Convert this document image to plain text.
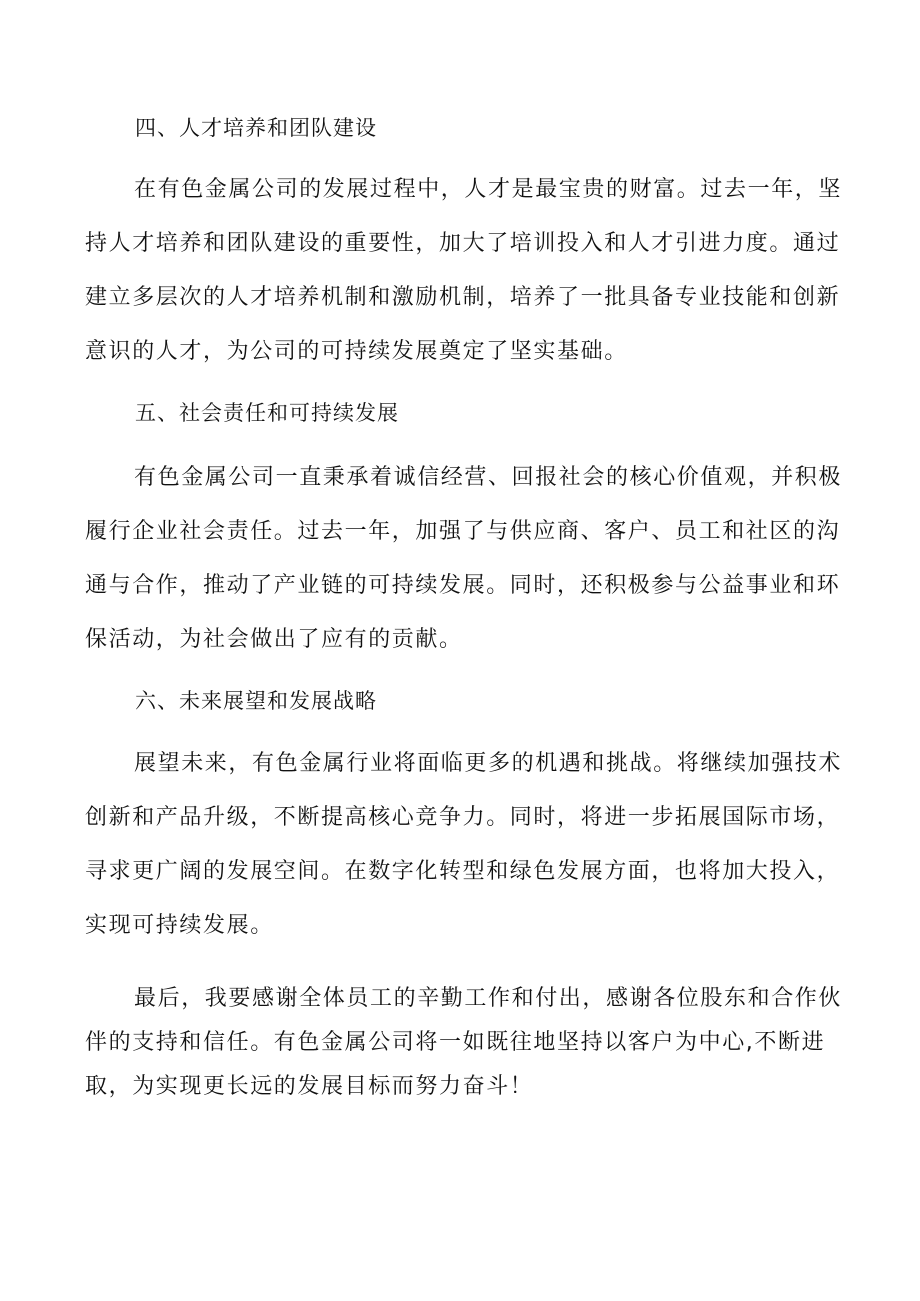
四、人才培养和团队建设
在有色金属公司的发展过程中，人才是最宝贵的财富。过去一年，坚
持人才培养和团队建设的重要性，加大了培训投入和人才引进力度。通过
建立多层次的人才培养机制和激励机制，培养了一批具备专业技能和创新
意识的人才，为公司的可持续发展奠定了坚实基础。
五、社会责任和可持续发展
有色金属公司一直秉承着诚信经营、回报社会的核心价值观，并积极
履行企业社会责任。过去一年，加强了与供应商、客户、员工和社区的沟
通与合作，推动了产业链的可持续发展。同时，还积极参与公益事业和环
保活动，为社会做出了应有的贡献。
六、未来展望和发展战略
展望未来，有色金属行业将面临更多的机遇和挑战。将继续加强技术
创新和产品升级，不断提高核心竞争力。同时，将进一步拓展国际市场，
寻求更广阔的发展空间。在数字化转型和绿色发展方面，也将加大投入，
实现可持续发展。
最后，我要感谢全体员工的辛勤工作和付出，感谢各位股东和合作伙
伴的支持和信任。有色金属公司将一如既往地坚持以客户为中心,不断进
取，为实现更长远的发展目标而努力奋斗！
